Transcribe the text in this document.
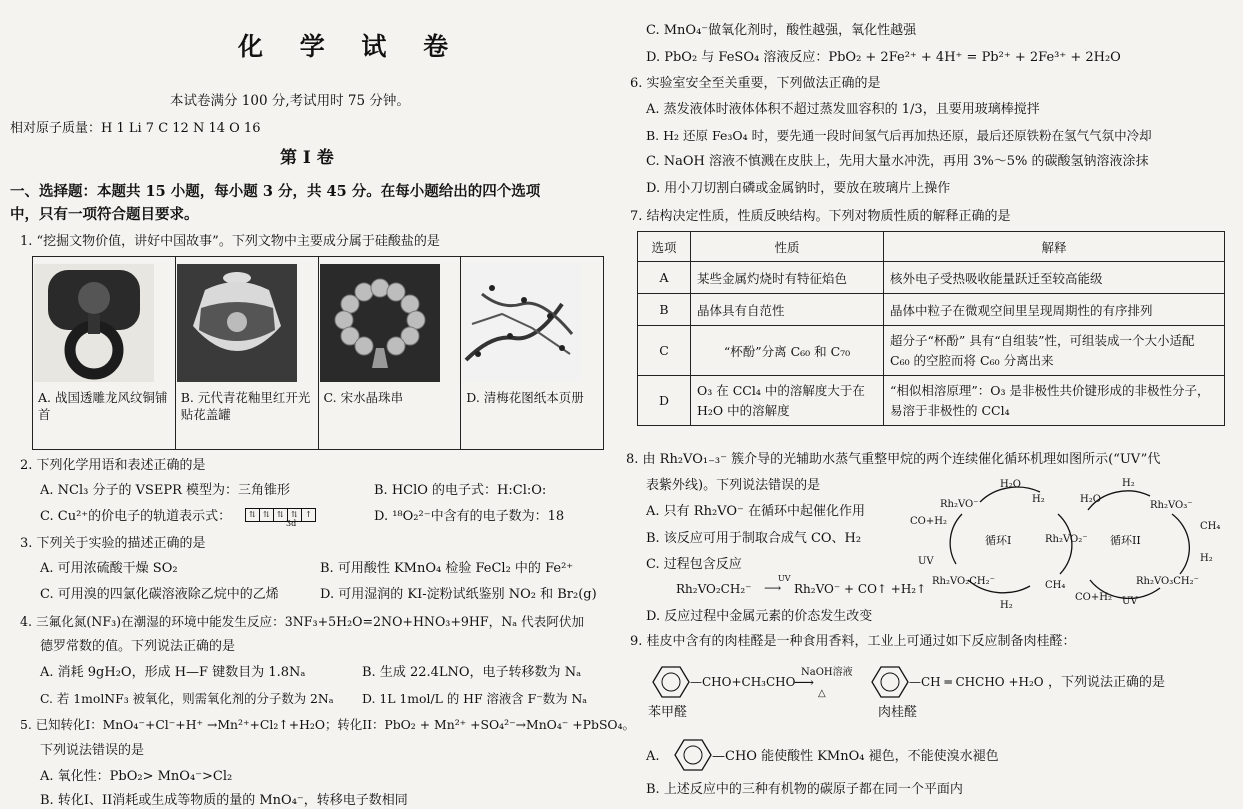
化 学 试 卷
本试卷满分 100 分,考试用时 75 分钟。
相对原子质量：H 1 Li 7 C 12 N 14 O 16
第 Ⅰ 卷
一、选择题：本题共 15 小题，每小题 3 分，共 45 分。在每小题给出的四个选项
中，只有一项符合题目要求。
1. “挖掘文物价值，讲好中国故事”。下列文物中主要成分属于硅酸盐的是
A. 战国透雕龙风纹铜铺首

B. 元代青花釉里红开光贴花盖罐

C. 宋水晶珠串	D. 清梅花图纸本页册
2. 下列化学用语和表述正确的是
A. NCl₃ 分子的 VSEPR 模型为：三角锥形	B. HClO 的电子式：H:Cl:O:
C. Cu²⁺的价电子的轨道表示式：	⇅ ⇅ ⇅ ⇅ ↑
3d	D. ¹⁸O₂²⁻中含有的电子数为：18
3. 下列关于实验的描述正确的是
A. 可用浓硫酸干燥 SO₂	B. 可用酸性 KMnO₄ 检验 FeCl₂ 中的 Fe²⁺
C. 可用溴的四氯化碳溶液除乙烷中的乙烯	D. 可用湿润的 KI-淀粉试纸鉴别 NO₂ 和 Br₂(g)
4. 三氟化氮(NF₃)在潮湿的环境中能发生反应：3NF₃+5H₂O=2NO+HNO₃+9HF，Nₐ 代表阿伏加
德罗常数的值。下列说法正确的是
A. 消耗 9gH₂O，形成 H—F 键数目为 1.8Nₐ	B. 生成 22.4LNO，电子转移数为 Nₐ
C. 若 1molNF₃ 被氧化，则需氧化剂的分子数为 2Nₐ D. 1L 1mol/L 的 HF 溶液含 F⁻数为 Nₐ
5. 已知转化I：MnO₄⁻+Cl⁻+H⁺ →Mn²⁺+Cl₂↑+H₂O；转化II：PbO₂ + Mn²⁺ +SO₄²⁻→MnO₄⁻ +PbSO₄。
下列说法错误的是
A. 氧化性：PbO₂> MnO₄⁻>Cl₂
B. 转化I、II消耗或生成等物质的量的 MnO₄⁻，转移电子数相同
C. MnO₄⁻做氧化剂时，酸性越强，氧化性越强
D. PbO₂ 与 FeSO₄ 溶液反应：PbO₂ + 2Fe²⁺ + 4H⁺ = Pb²⁺ + 2Fe³⁺ + 2H₂O
6. 实验室安全至关重要，下列做法正确的是
A. 蒸发液体时液体体积不超过蒸发皿容积的 1/3，且要用玻璃棒搅拌
B. H₂ 还原 Fe₃O₄ 时，要先通一段时间氢气后再加热还原，最后还原铁粉在氢气气氛中冷却
C. NaOH 溶液不慎溅在皮肤上，先用大量水冲洗，再用 3%～5% 的碳酸氢钠溶液涂抹
D. 用小刀切割白磷或金属钠时，要放在玻璃片上操作
7. 结构决定性质，性质反映结构。下列对物质性质的解释正确的是
选项	性质	解释
A	某些金属灼烧时有特征焰色	核外电子受热吸收能量跃迁至较高能级
B	晶体具有自范性	晶体中粒子在微观空间里呈现周期性的有序排列
C	“杯酚”分离 C₆₀ 和 C₇₀	超分子“杯酚” 具有“自组装”性，可组装成一个大小适配 C₆₀ 的空腔而将 C₆₀ 分离出来
D	O₃ 在 CCl₄ 中的溶解度大于在 H₂O 中的溶解度	“相似相溶原理”：O₃ 是非极性共价键形成的非极性分子，易溶于非极性的 CCl₄
8. 由 Rh₂VO₁₋₃⁻ 簇介导的光辅助水蒸气重整甲烷的两个连续催化循环机理如图所示(“UV”代
表紫外线)。下列说法错误的是
A. 只有 Rh₂VO⁻ 在循环中起催化作用
B. 该反应可用于制取合成气 CO、H₂
C. 过程包含反应
Rh₂VO₂CH₂⁻
UV
⟶ Rh₂VO⁻ + CO↑ +H₂↑
D. 反应过程中金属元素的价态发生改变
Rh₂VO⁻
Rh₂VO₂⁻
Rh₂VO₂CH₂⁻
Rh₂VO₃⁻
Rh₂VO₃CH₂⁻
循环I	循环II
H₂O
H₂	H₂O
H₂
CO+H₂
UV
CH₄
H₂
CH₄
H₂
CO+H₂ UV
9. 桂皮中含有的肉桂醛是一种食用香料，工业上可通过如下反应制备肉桂醛：
—CHO+CH₃CHO
NaOH溶液
⟶
△
—CH ═ CHCHO +H₂O ，下列说法正确的是
苯甲醛	肉桂醛
A.	—CHO 能使酸性 KMnO₄ 褪色，不能使溴水褪色
B. 上述反应中的三种有机物的碳原子都在同一个平面内
